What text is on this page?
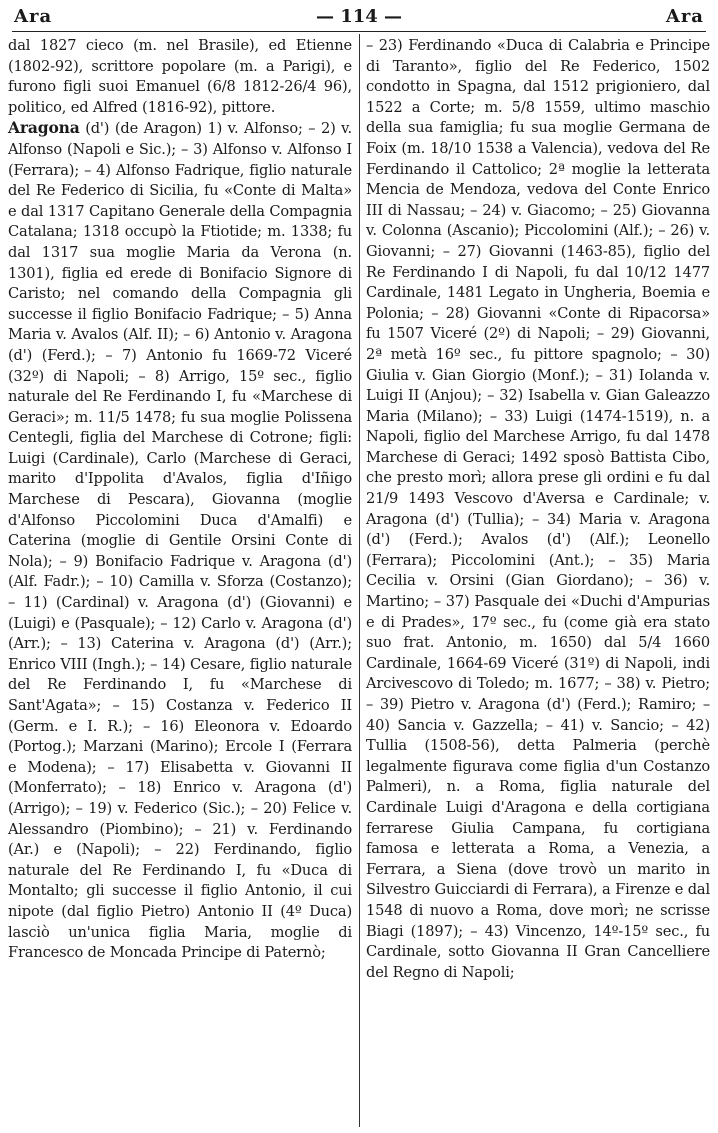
Ara	— 114 —	Ara

dal 1827 cieco (m. nel Brasile), ed Etienne (1802-92), scrittore popolare (m. a Parigi), e furono figli suoi Emanuel (6/8 1812-26/4 96), politico, ed Alfred (1816-92), pittore.

Aragona (d') (de Aragon) 1) v. Alfonso; – 2) v. Alfonso (Napoli e Sic.); – 3) Alfonso v. Alfonso I (Ferrara); – 4) Alfonso Fadrique, figlio naturale del Re Federico di Sicilia, fu «Conte di Malta» e dal 1317 Capitano Generale della Compagnia Catalana; 1318 occupò la Ftiotide; m. 1338; fu dal 1317 sua moglie Maria da Verona (n. 1301), figlia ed erede di Bonifacio Signore di Caristo; nel comando della Compagnia gli successe il figlio Bonifacio Fadrique; – 5) Anna Maria v. Avalos (Alf. II); – 6) Antonio v. Aragona (d') (Ferd.); – 7) Antonio fu 1669-72 Viceré (32º) di Napoli; – 8) Arrigo, 15º sec., figlio naturale del Re Ferdinando I, fu «Marchese di Geraci»; m. 11/5 1478; fu sua moglie Polissena Centegli, figlia del Marchese di Cotrone; figli: Luigi (Cardinale), Carlo (Marchese di Geraci, marito d'Ippolita d'Avalos, figlia d'Iñigo Marchese di Pescara), Giovanna (moglie d'Alfonso Piccolomini Duca d'Amalfi) e Caterina (moglie di Gentile Orsini Conte di Nola); – 9) Bonifacio Fadrique v. Aragona (d') (Alf. Fadr.); – 10) Camilla v. Sforza (Costanzo); – 11) (Cardinal) v. Aragona (d') (Giovanni) e (Luigi) e (Pasquale); – 12) Carlo v. Aragona (d') (Arr.); – 13) Caterina v. Aragona (d') (Arr.); Enrico VIII (Ingh.); – 14) Cesare, figlio naturale del Re Ferdinando I, fu «Marchese di Sant'Agata»; – 15) Costanza v. Federico II (Germ. e I. R.); – 16) Eleonora v. Edoardo (Portog.); Marzani (Marino); Ercole I (Ferrara e Modena); – 17) Elisabetta v. Giovanni II (Monferrato); – 18) Enrico v. Aragona (d') (Arrigo); – 19) v. Federico (Sic.); – 20) Felice v. Alessandro (Piombino); – 21) v. Ferdinando (Ar.) e (Napoli); – 22) Ferdinando, figlio naturale del Re Ferdinando I, fu «Duca di Montalto; gli successe il figlio Antonio, il cui nipote (dal figlio Pietro) Antonio II (4º Duca) lasciò un'unica figlia Maria, moglie di Francesco de Moncada Principe di Paternò;

– 23) Ferdinando «Duca di Calabria e Principe di Taranto», figlio del Re Federico, 1502 condotto in Spagna, dal 1512 prigioniero, dal 1522 a Corte; m. 5/8 1559, ultimo maschio della sua famiglia; fu sua moglie Germana de Foix (m. 18/10 1538 a Valencia), vedova del Re Ferdinando il Cattolico; 2ª moglie la letterata Mencia de Mendoza, vedova del Conte Enrico III di Nassau; – 24) v. Giacomo; – 25) Giovanna v. Colonna (Ascanio); Piccolomini (Alf.); – 26) v. Giovanni; – 27) Giovanni (1463-85), figlio del Re Ferdinando I di Napoli, fu dal 10/12 1477 Cardinale, 1481 Legato in Ungheria, Boemia e Polonia; – 28) Giovanni «Conte di Ripacorsa» fu 1507 Viceré (2º) di Napoli; – 29) Giovanni, 2ª metà 16º sec., fu pittore spagnolo; – 30) Giulia v. Gian Giorgio (Monf.); – 31) Iolanda v. Luigi II (Anjou); – 32) Isabella v. Gian Galeazzo Maria (Milano); – 33) Luigi (1474-1519), n. a Napoli, figlio del Marchese Arrigo, fu dal 1478 Marchese di Geraci; 1492 sposò Battista Cibo, che presto morì; allora prese gli ordini e fu dal 21/9 1493 Vescovo d'Aversa e Cardinale; v. Aragona (d') (Tullia); – 34) Maria v. Aragona (d') (Ferd.); Avalos (d') (Alf.); Leonello (Ferrara); Piccolomini (Ant.); – 35) Maria Cecilia v. Orsini (Gian Giordano); – 36) v. Martino; – 37) Pasquale dei «Duchi d'Ampurias e di Prades», 17º sec., fu (come già era stato suo frat. Antonio, m. 1650) dal 5/4 1660 Cardinale, 1664-69 Viceré (31º) di Napoli, indi Arcivescovo di Toledo; m. 1677; – 38) v. Pietro; – 39) Pietro v. Aragona (d') (Ferd.); Ramiro; – 40) Sancia v. Gazzella; – 41) v. Sancio; – 42) Tullia (1508-56), detta Palmeria (perchè legalmente figurava come figlia d'un Costanzo Palmeri), n. a Roma, figlia naturale del Cardinale Luigi d'Aragona e della cortigiana ferrarese Giulia Campana, fu cortigiana famosa e letterata a Roma, a Venezia, a Ferrara, a Siena (dove trovò un marito in Silvestro Guicciardi di Ferrara), a Firenze e dal 1548 di nuovo a Roma, dove morì; ne scrisse Biagi (1897); – 43) Vincenzo, 14º-15º sec., fu Cardinale, sotto Giovanna II Gran Cancelliere del Regno di Napoli;
